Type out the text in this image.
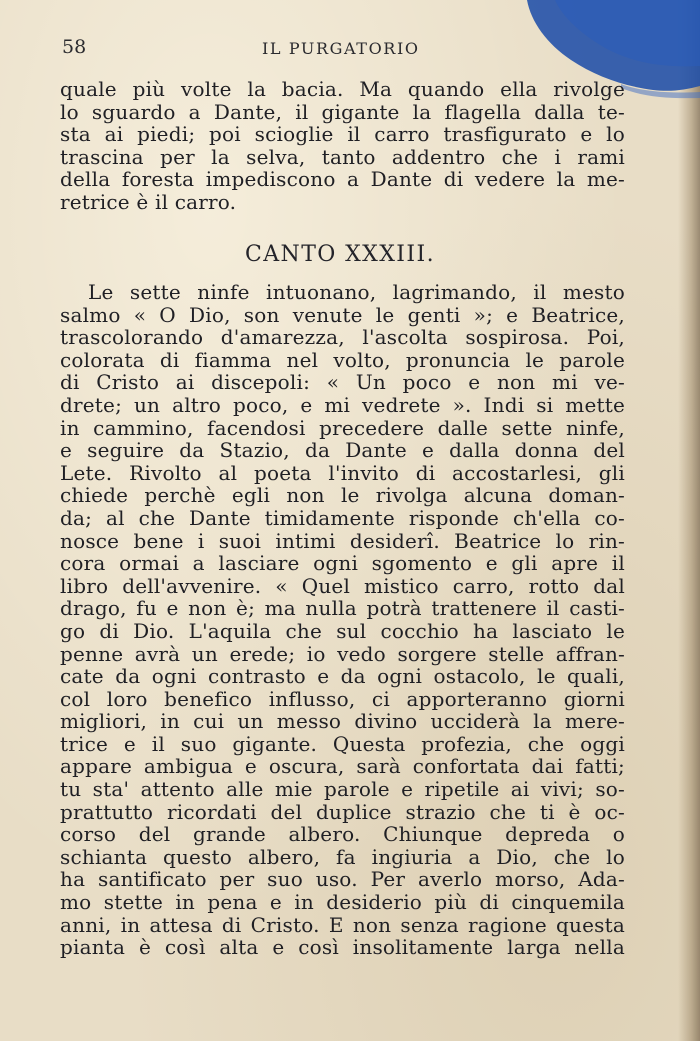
58	IL PURGATORIO
quale più volte la bacia. Ma quando ella rivolge
lo sguardo a Dante, il gigante la flagella dalla te-
sta ai piedi; poi scioglie il carro trasfigurato e lo
trascina per la selva, tanto addentro che i rami
della foresta impediscono a Dante di vedere la me-
retrice è il carro.
CANTO XXXIII.
Le sette ninfe intuonano, lagrimando, il mesto
salmo « O Dio, son venute le genti »; e Beatrice,
trascolorando d'amarezza, l'ascolta sospirosa. Poi,
colorata di fiamma nel volto, pronuncia le parole
di Cristo ai discepoli: « Un poco e non mi ve-
drete; un altro poco, e mi vedrete ». Indi si mette
in cammino, facendosi precedere dalle sette ninfe,
e seguire da Stazio, da Dante e dalla donna del
Lete. Rivolto al poeta l'invito di accostarlesi, gli
chiede perchè egli non le rivolga alcuna doman-
da; al che Dante timidamente risponde ch'ella co-
nosce bene i suoi intimi desiderî. Beatrice lo rin-
cora ormai a lasciare ogni sgomento e gli apre il
libro dell'avvenire. « Quel mistico carro, rotto dal
drago, fu e non è; ma nulla potrà trattenere il casti-
go di Dio. L'aquila che sul cocchio ha lasciato le
penne avrà un erede; io vedo sorgere stelle affran-
cate da ogni contrasto e da ogni ostacolo, le quali,
col loro benefico influsso, ci apporteranno giorni
migliori, in cui un messo divino ucciderà la mere-
trice e il suo gigante. Questa profezia, che oggi
appare ambigua e oscura, sarà confortata dai fatti;
tu sta' attento alle mie parole e ripetile ai vivi; so-
prattutto ricordati del duplice strazio che ti è oc-
corso del grande albero. Chiunque depreda o
schianta questo albero, fa ingiuria a Dio, che lo
ha santificato per suo uso. Per averlo morso, Ada-
mo stette in pena e in desiderio più di cinquemila
anni, in attesa di Cristo. E non senza ragione questa
pianta è così alta e così insolitamente larga nella
